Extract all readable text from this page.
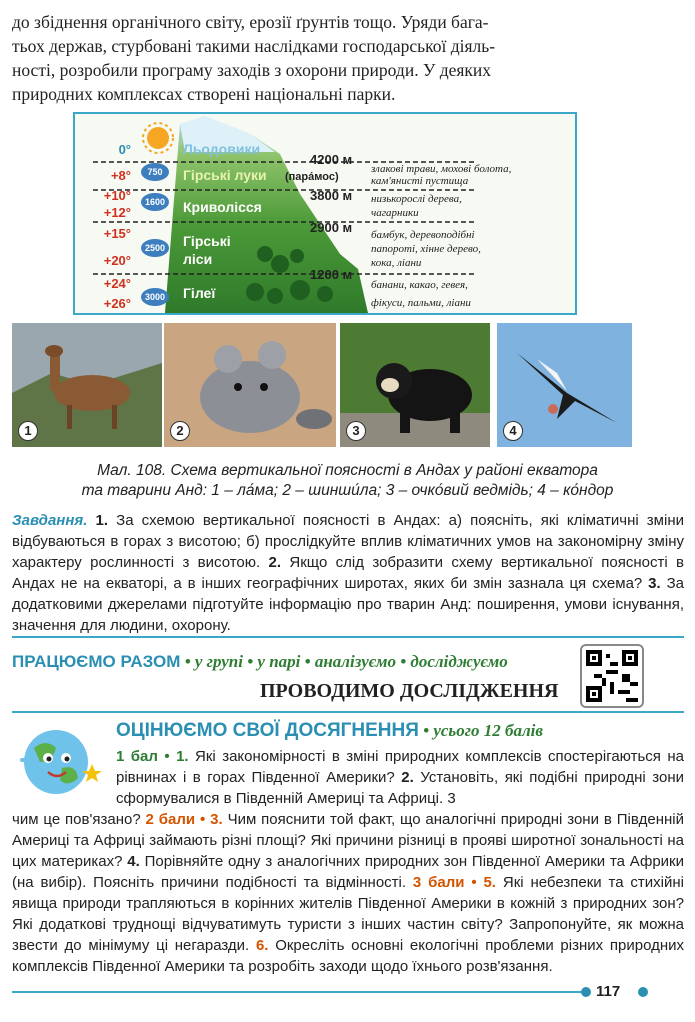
до збіднення органічного світу, ерозії ґрунтів тощо. Уряди бага-
тьох держав, стурбовані такими наслідками господарської діяль-
ності, розробили програму заходів з охорони природи. У деяких
природних комплексах створені національні парки.
750
1600
2500
3000
0°
+8°
+10°
+12°
+15°
+20°
+24°
+26°
Льодовики
Гірські луки
Криволісся
Гірські
ліси
Гілеї
4200 м
(пара́мос)
3800 м
2900 м
1200 м
злакові трави, мохові болота,
кам'янисті пустища
низькорослі дерева,
чагарники
бамбук, деревоподібні
папороті, хінне дерево,
кока, ліани
банани, какао, гевея,
фікуси, пальми, ліани
1	2	3	4
Мал. 108. Схема вертикальної поясності в Андах у районі екватора
та тварини Анд: 1 – ла́ма; 2 – шинши́ла; 3 – очко́вий ведмідь; 4 – ко́ндор
Завдання. 1. За схемою вертикальної поясності в Андах: а) поясніть, які кліматичні зміни відбуваються в горах з висотою; б) прослідкуйте вплив кліматичних умов на закономірну зміну характеру рослинності з висотою. 2. Якщо слід зобразити схему вертикальної поясності в Андах не на екваторі, а в інших географічних широтах, яких би змін зазнала ця схема? 3. За додатковими джерелами підготуйте інформацію про тварин Анд: поширення, умови існування, значення для людини, охорону.
ПРАЦЮЄМО РАЗОМ • у групі • у парі • аналізуємо • досліджуємо
ПРОВОДИМО ДОСЛІДЖЕННЯ
ОЦІНЮЄМО СВОЇ ДОСЯГНЕННЯ • усього 12 балів
1 бал • 1. Які закономірності в зміні природних комплексів спостерігаються на рівнинах і в горах Південної Америки? 2. Установіть, які подібні природні зони сформувалися в Південній Америці та Африці. 3
чим це пов'язано? 2 бали • 3. Чим пояснити той факт, що аналогічні природні зони в Південній Америці та Африці займають різні площі? Які причини різниці в прояві широтної зональності на цих материках? 4. Порівняйте одну з аналогічних природних зон Південної Америки та Африки (на вибір). Поясніть причини подібності та відмінності. 3 бали • 5. Які небезпеки та стихійні явища природи трапляються в корінних жителів Південної Америки в кожній з природних зон? Які додаткові труднощі відчуватимуть туристи з інших частин світу? Запропонуйте, як можна звести до мінімуму ці негаразди. 6. Окресліть основні екологічні проблеми різних природних комплексів Південної Америки та розробіть заходи щодо їхнього розв'язання.
117
